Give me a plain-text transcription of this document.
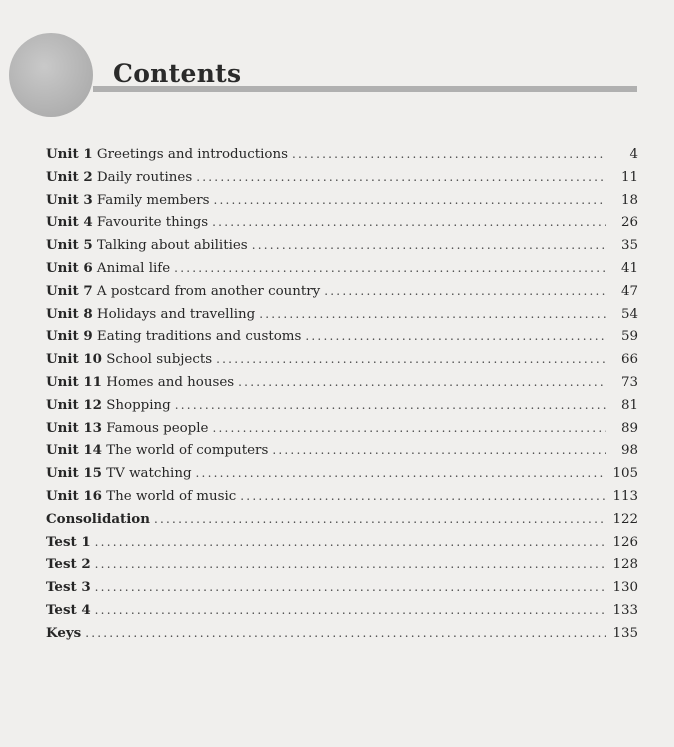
Contents
Unit 1 Greetings and introductions . . .	4
Unit 2 Daily routines . . .	11
Unit 3 Family members . . .	18
Unit 4 Favourite things . . .	26
Unit 5 Talking about abilities . . .	35
Unit 6 Animal life . . .	41
Unit 7 A postcard from another country . . .	47
Unit 8 Holidays and travelling . . .	54
Unit 9 Eating traditions and customs . . .	59
Unit 10 School subjects . . .	66
Unit 11 Homes and houses . . .	73
Unit 12 Shopping . . .	81
Unit 13 Famous people . . .	89
Unit 14 The world of computers . . .	98
Unit 15 TV watching . . .	105
Unit 16 The world of music . . .	113
Consolidation . . .	122
Test 1 . . .	126
Test 2 . . .	128
Test 3 . . .	130
Test 4 . . .	133
Keys . . .	135
